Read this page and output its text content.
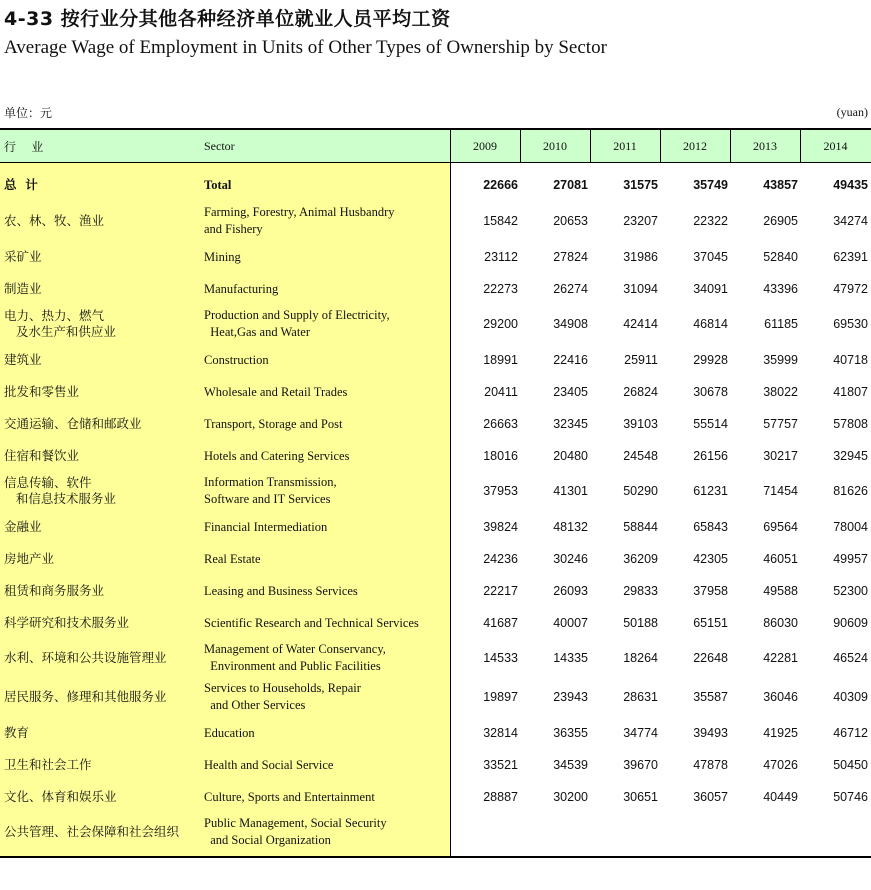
4-33 按行业分其他各种经济单位就业人员平均工资
Average Wage of Employment in Units of Other Types of Ownership by Sector
单位：元	(yuan)
行    业	Sector	2009	2010	2011	2012	2013	2014
总  计	Total	22666	27081	31575	35749	43857	49435
农、林、牧、渔业
Farming, Forestry, Animal Husbandry
and Fishery
15842	20653	23207	22322	26905	34274
采矿业	Mining	23112	27824	31986	37045	52840	62391
制造业	Manufacturing	22273	26274	31094	34091	43396	47972
电力、热力、燃气
及水生产和供应业
Production and Supply of Electricity,
Heat,Gas and Water
29200	34908	42414	46814	61185	69530
建筑业	Construction	18991	22416	25911	29928	35999	40718
批发和零售业	Wholesale and Retail Trades	20411	23405	26824	30678	38022	41807
交通运输、仓储和邮政业	Transport, Storage and Post	26663	32345	39103	55514	57757	57808
住宿和餐饮业	Hotels and Catering Services	18016	20480	24548	26156	30217	32945
信息传输、软件
和信息技术服务业
Information Transmission,
Software and IT Services
37953	41301	50290	61231	71454	81626
金融业	Financial Intermediation	39824	48132	58844	65843	69564	78004
房地产业	Real Estate	24236	30246	36209	42305	46051	49957
租赁和商务服务业	Leasing and Business Services	22217	26093	29833	37958	49588	52300
科学研究和技术服务业	Scientific Research and Technical Services	41687	40007	50188	65151	86030	90609
水利、环境和公共设施管理业
Management of Water Conservancy,
Environment and Public Facilities
14533	14335	18264	22648	42281	46524
居民服务、修理和其他服务业
Services to Households, Repair
and Other Services
19897	23943	28631	35587	36046	40309
教育	Education	32814	36355	34774	39493	41925	46712
卫生和社会工作	Health and Social Service	33521	34539	39670	47878	47026	50450
文化、体育和娱乐业	Culture, Sports and Entertainment	28887	30200	30651	36057	40449	50746
公共管理、社会保障和社会组织
Public Management, Social Security
and Social Organization
